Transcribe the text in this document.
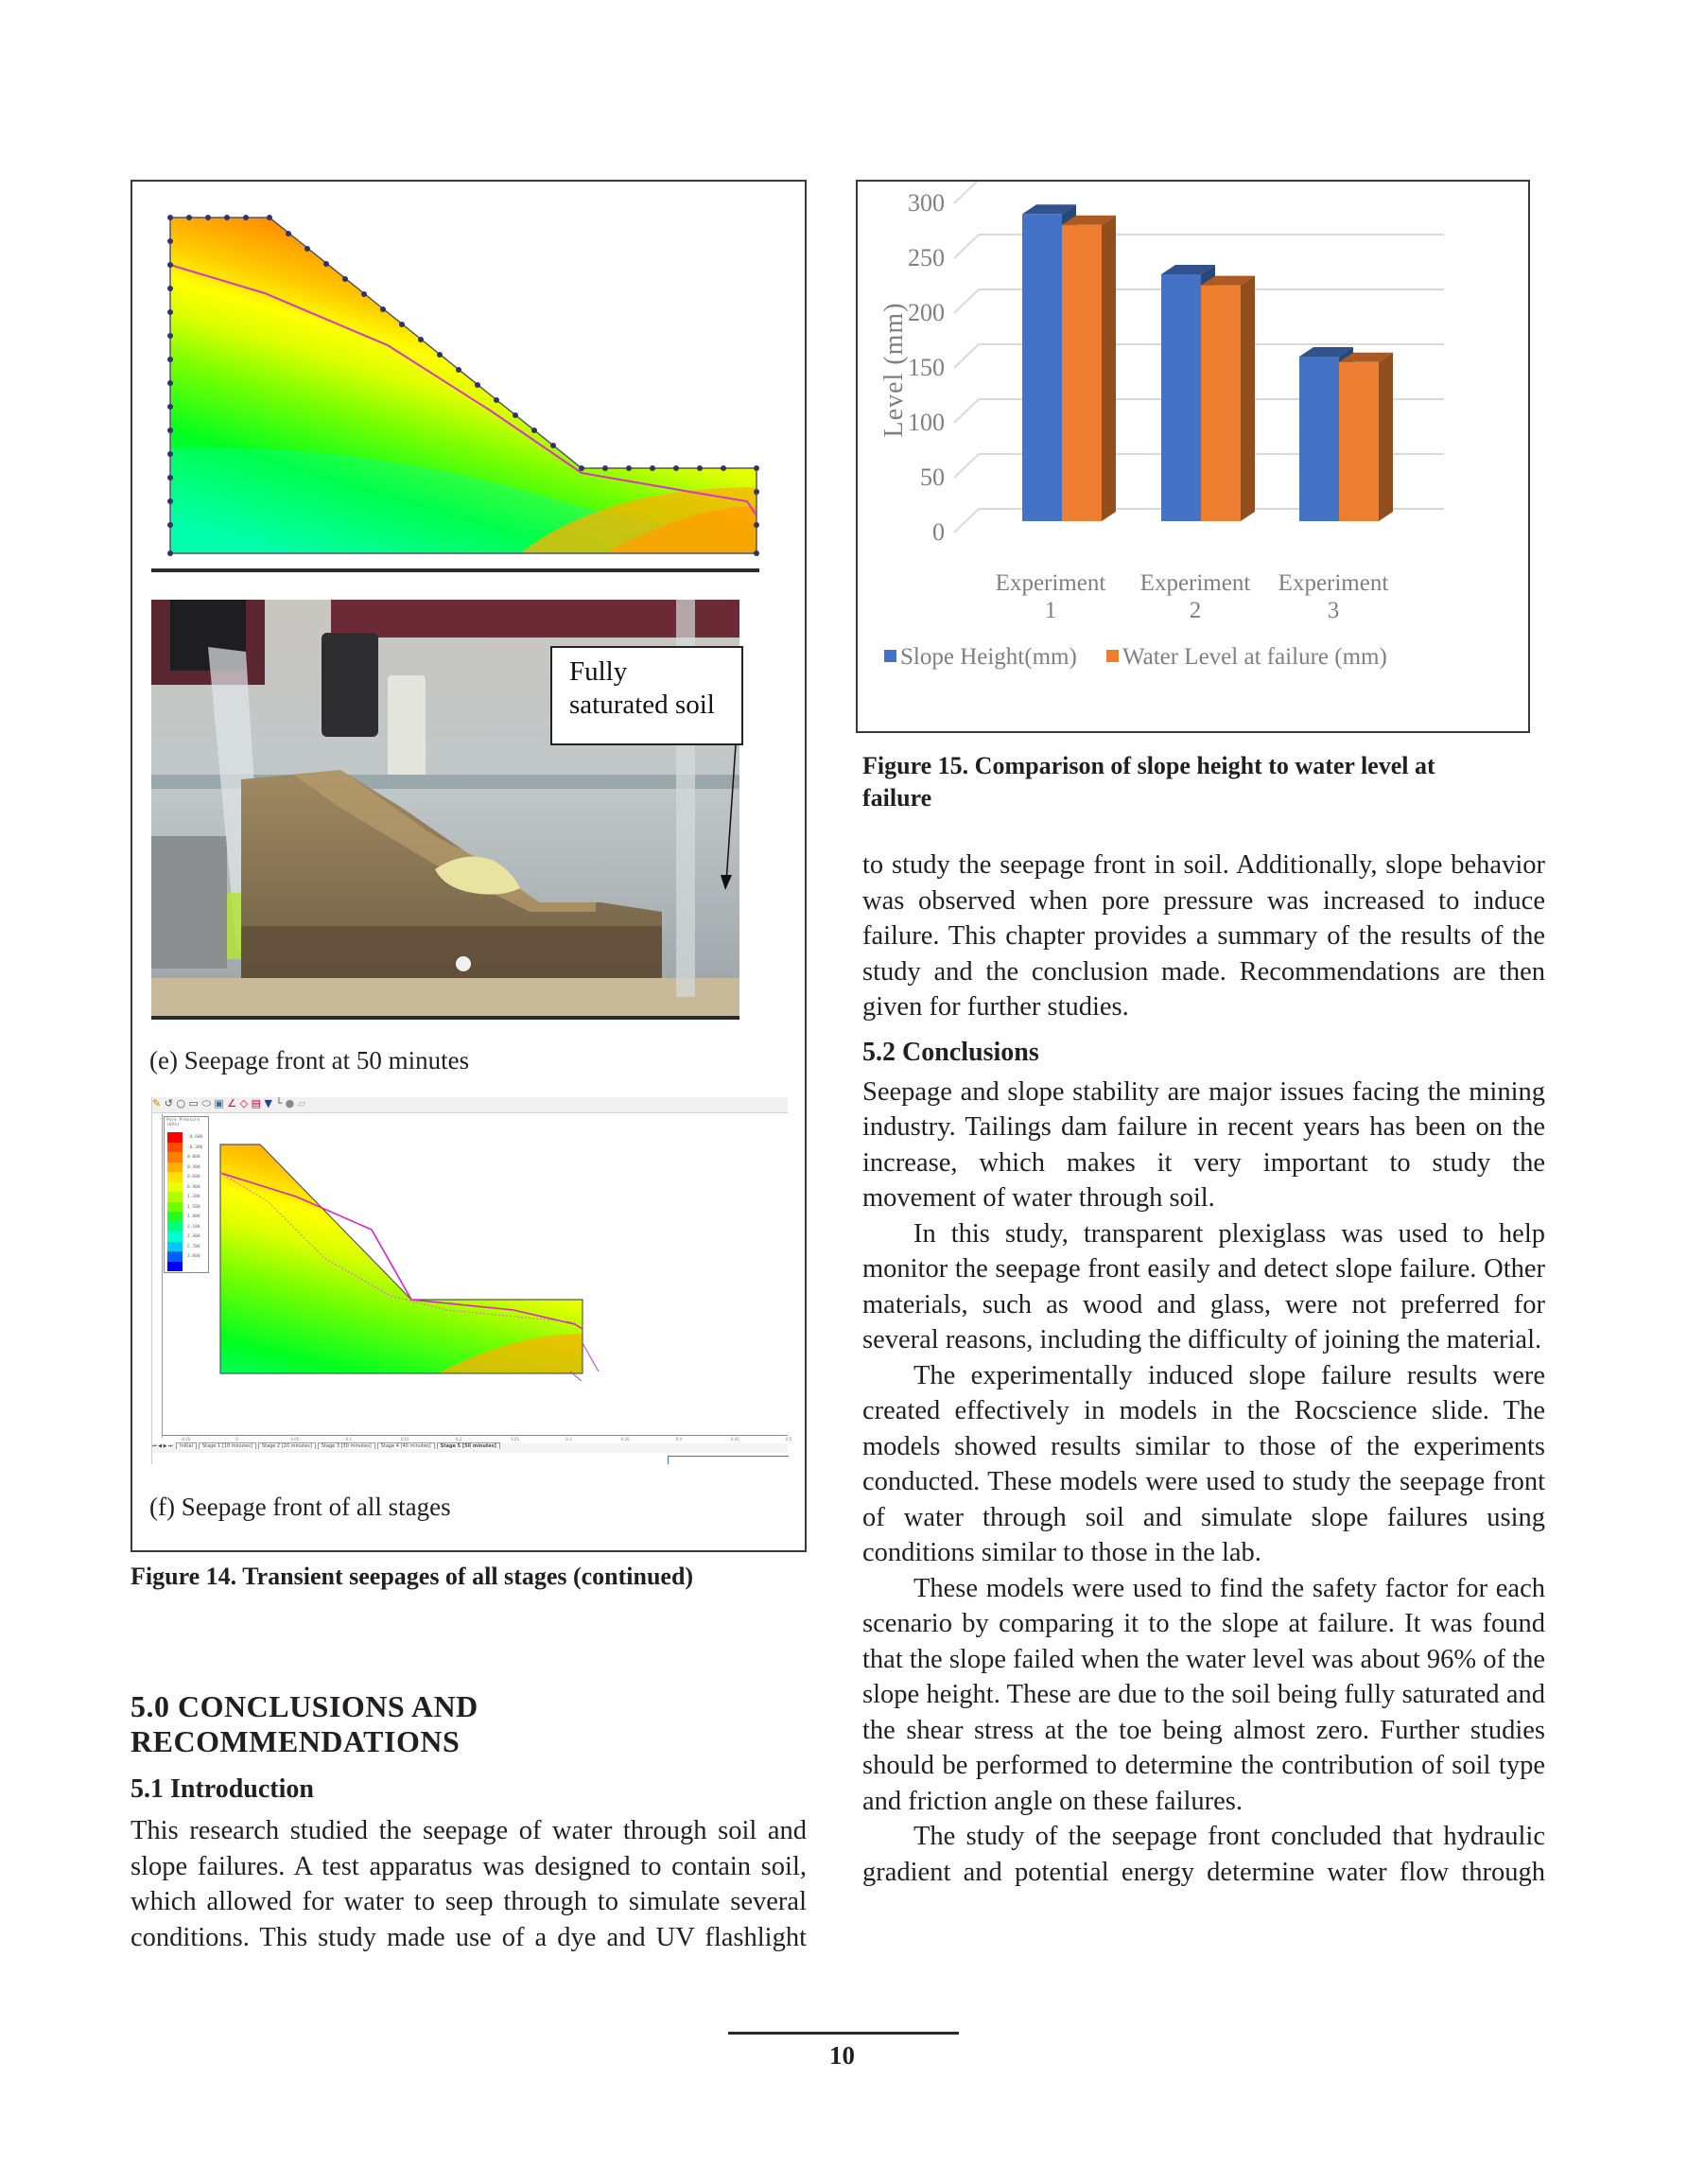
Fully
saturated soil
(e) Seepage front at 50 minutes
✎ ↺ ○ ▭ ⬭ ▣ ∠ ◇ ▤ ▼ └ ● ▱
Pore Pressure
(kPa)
-0.600
-0.300
0.000
0.300
0.600
0.900
1.200
1.500
1.800
2.100
2.400
2.700
3.000
-0.05	0	0.05	0.1	0.15	0.2	0.25	0.3	0.35	0.4	0.45	0.5
⏮ ◀ ▶ ⏭ Initial Stage 1 [10 minutes] Stage 2 [20 minutes] Stage 3 [30 minutes] Stage 4 [40 minutes] Stage 5 [50 minutes]
(f) Seepage front of all stages
Figure 14. Transient seepages of all stages (continued)
5.0 CONCLUSIONS AND
RECOMMENDATIONS
5.1 Introduction

This research studied the seepage of water through soil and slope failures. A test apparatus was designed to contain soil, which allowed for water to seep through to simulate several conditions. This study made use of a dye and UV flashlight

0
50
100
150
200
250
300
Level (mm)
Experiment
1
Experiment
2
Experiment
3
Slope Height(mm) Water Level at failure (mm)
Figure 15. Comparison of slope height to water level at
failure

to study the seepage front in soil. Additionally, slope behavior was observed when pore pressure was increased to induce failure. This chapter provides a summary of the results of the study and the conclusion made. Recommendations are then given for further studies.

5.2 Conclusions

Seepage and slope stability are major issues facing the mining industry. Tailings dam failure in recent years has been on the increase, which makes it very important to study the movement of water through soil.

In this study, transparent plexiglass was used to help monitor the seepage front easily and detect slope failure. Other materials, such as wood and glass, were not preferred for several reasons, including the difficulty of joining the material.

The experimentally induced slope failure results were created effectively in models in the Rocscience slide. The models showed results similar to those of the experiments conducted. These models were used to study the seepage front of water through soil and simulate slope failures using conditions similar to those in the lab.

These models were used to find the safety factor for each scenario by comparing it to the slope at failure. It was found that the slope failed when the water level was about 96% of the slope height. These are due to the soil being fully saturated and the shear stress at the toe being almost zero. Further studies should be performed to determine the contribution of soil type and friction angle on these failures.

The study of the seepage front concluded that hydraulic gradient and potential energy determine water flow through

10
